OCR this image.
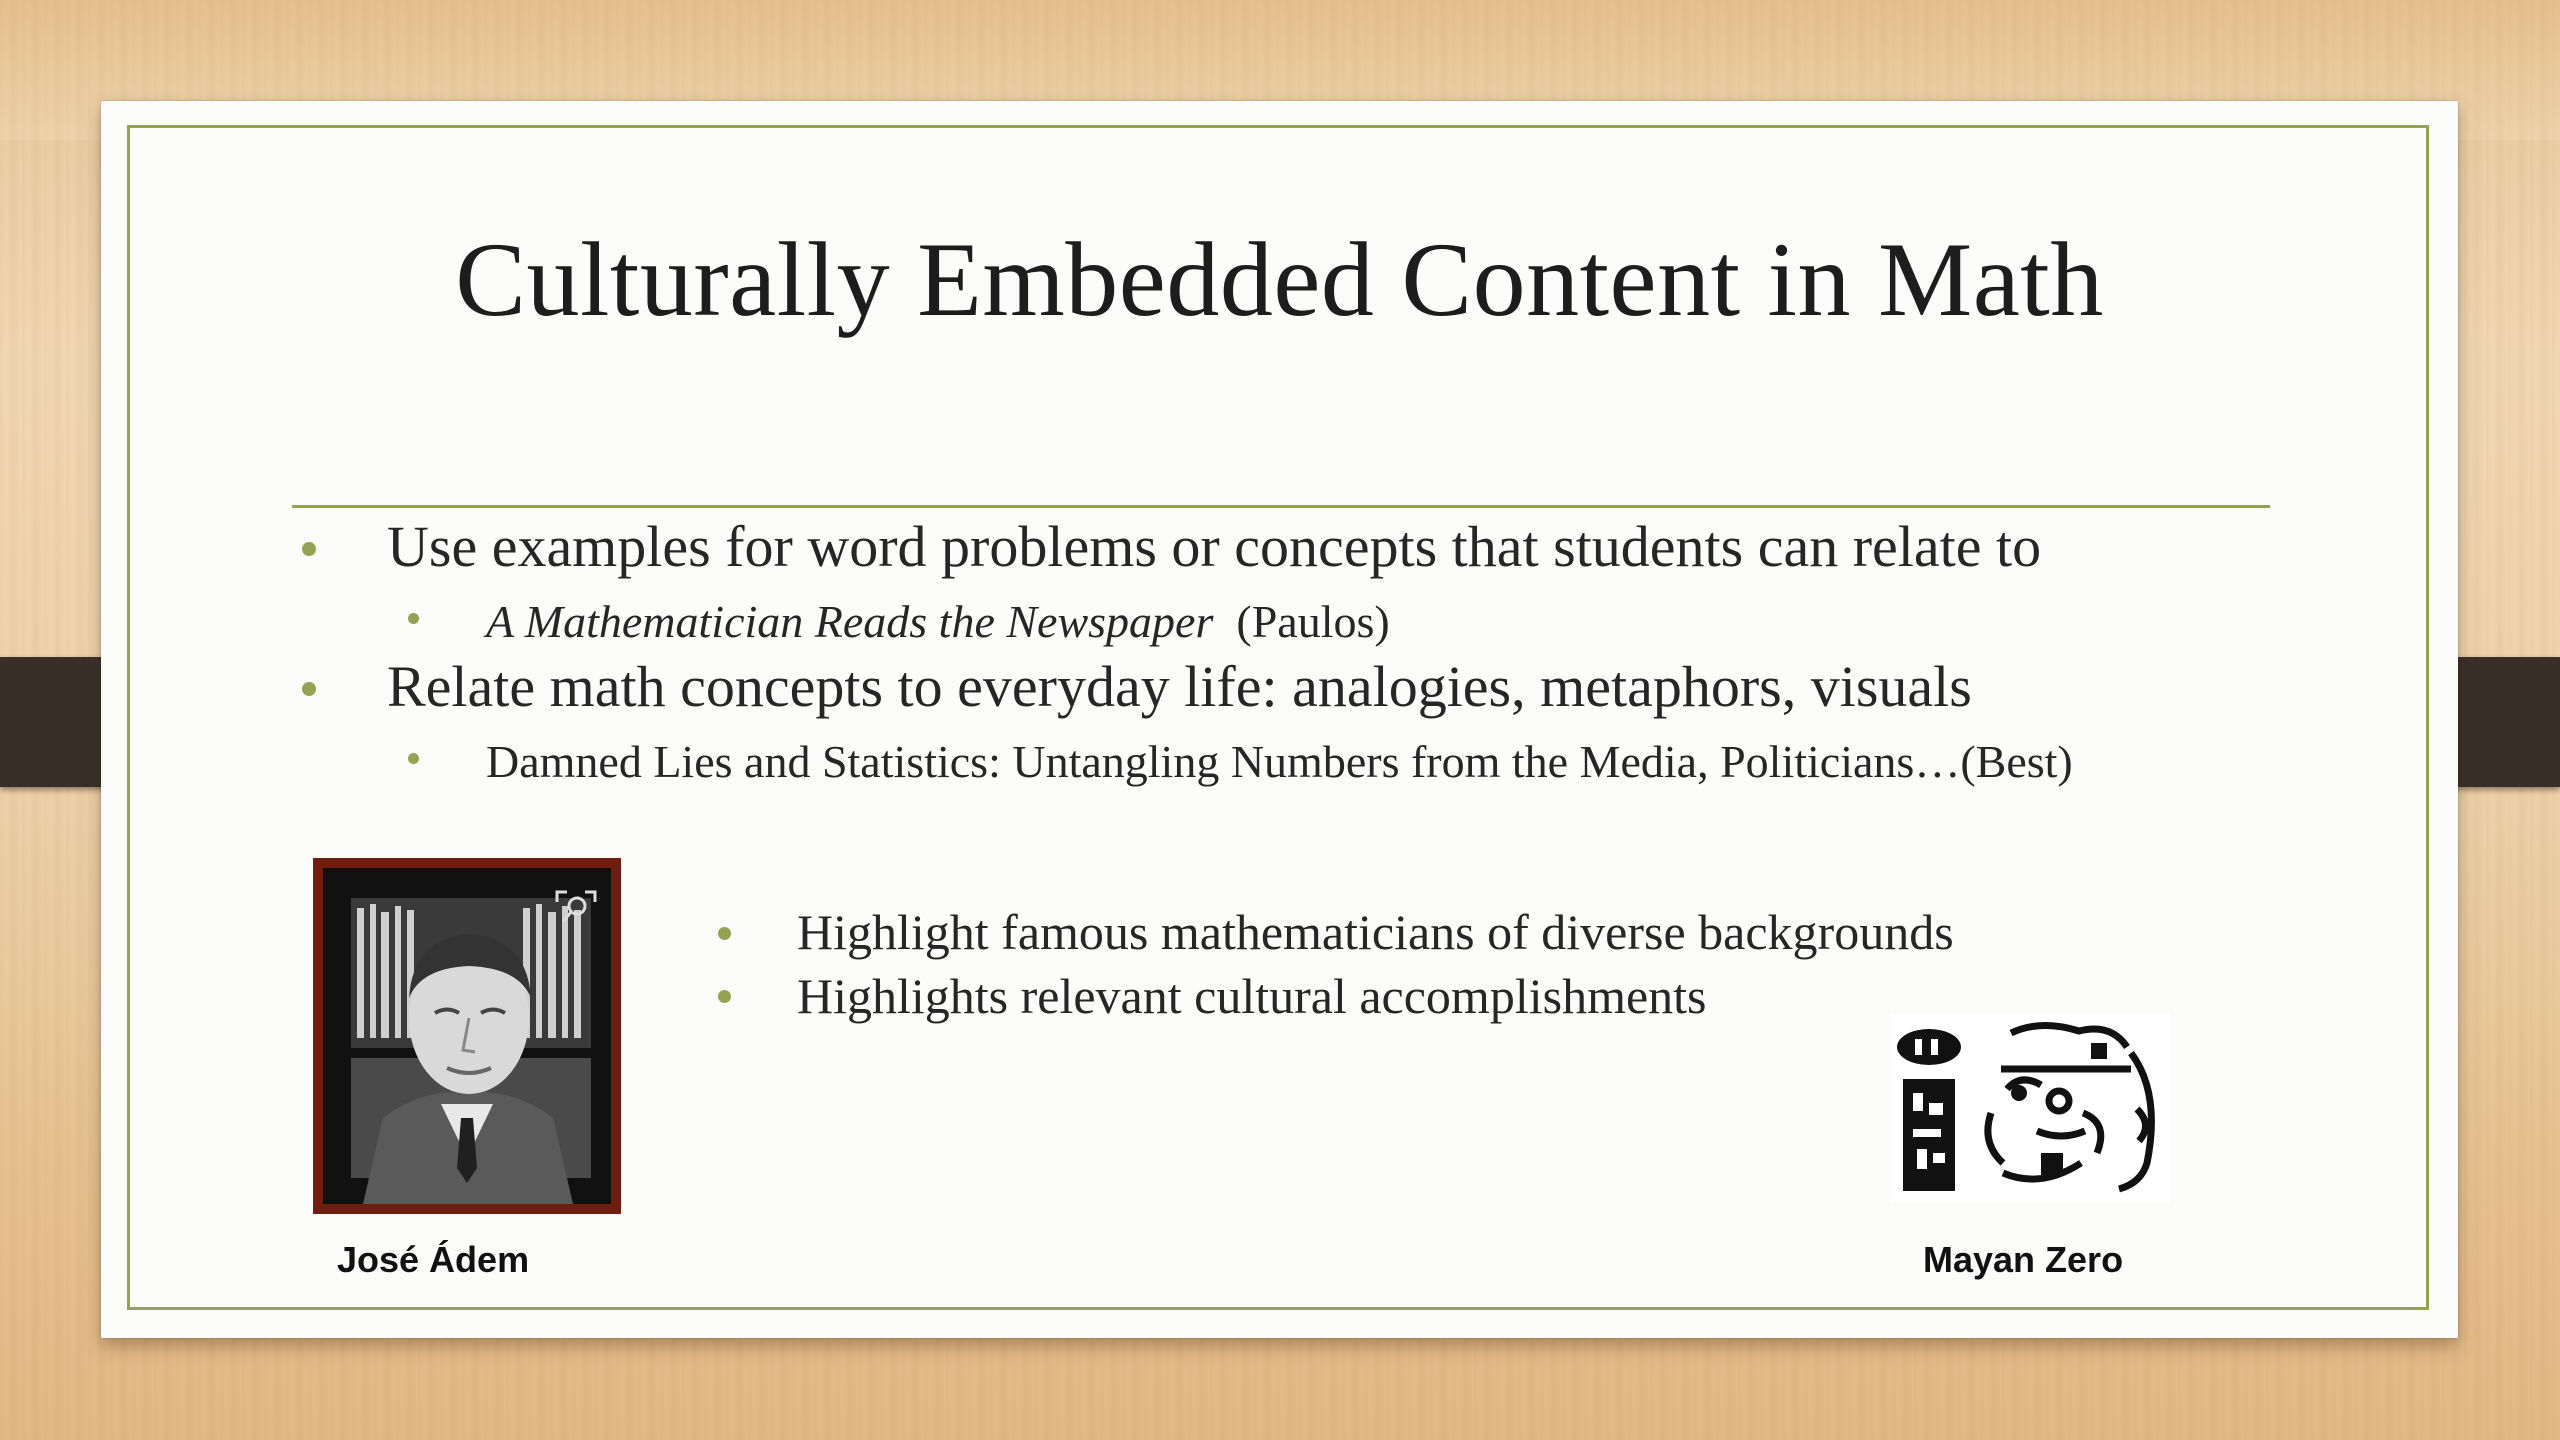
Culturally Embedded Content in Math
Use examples for word problems or concepts that students can relate to
A Mathematician Reads the Newspaper (Paulos)
Relate math concepts to everyday life: analogies, metaphors, visuals
Damned Lies and Statistics: Untangling Numbers from the Media, Politicians…(Best)
Highlight famous mathematicians of diverse backgrounds
Highlights relevant cultural accomplishments
José Ádem	Mayan Zero
